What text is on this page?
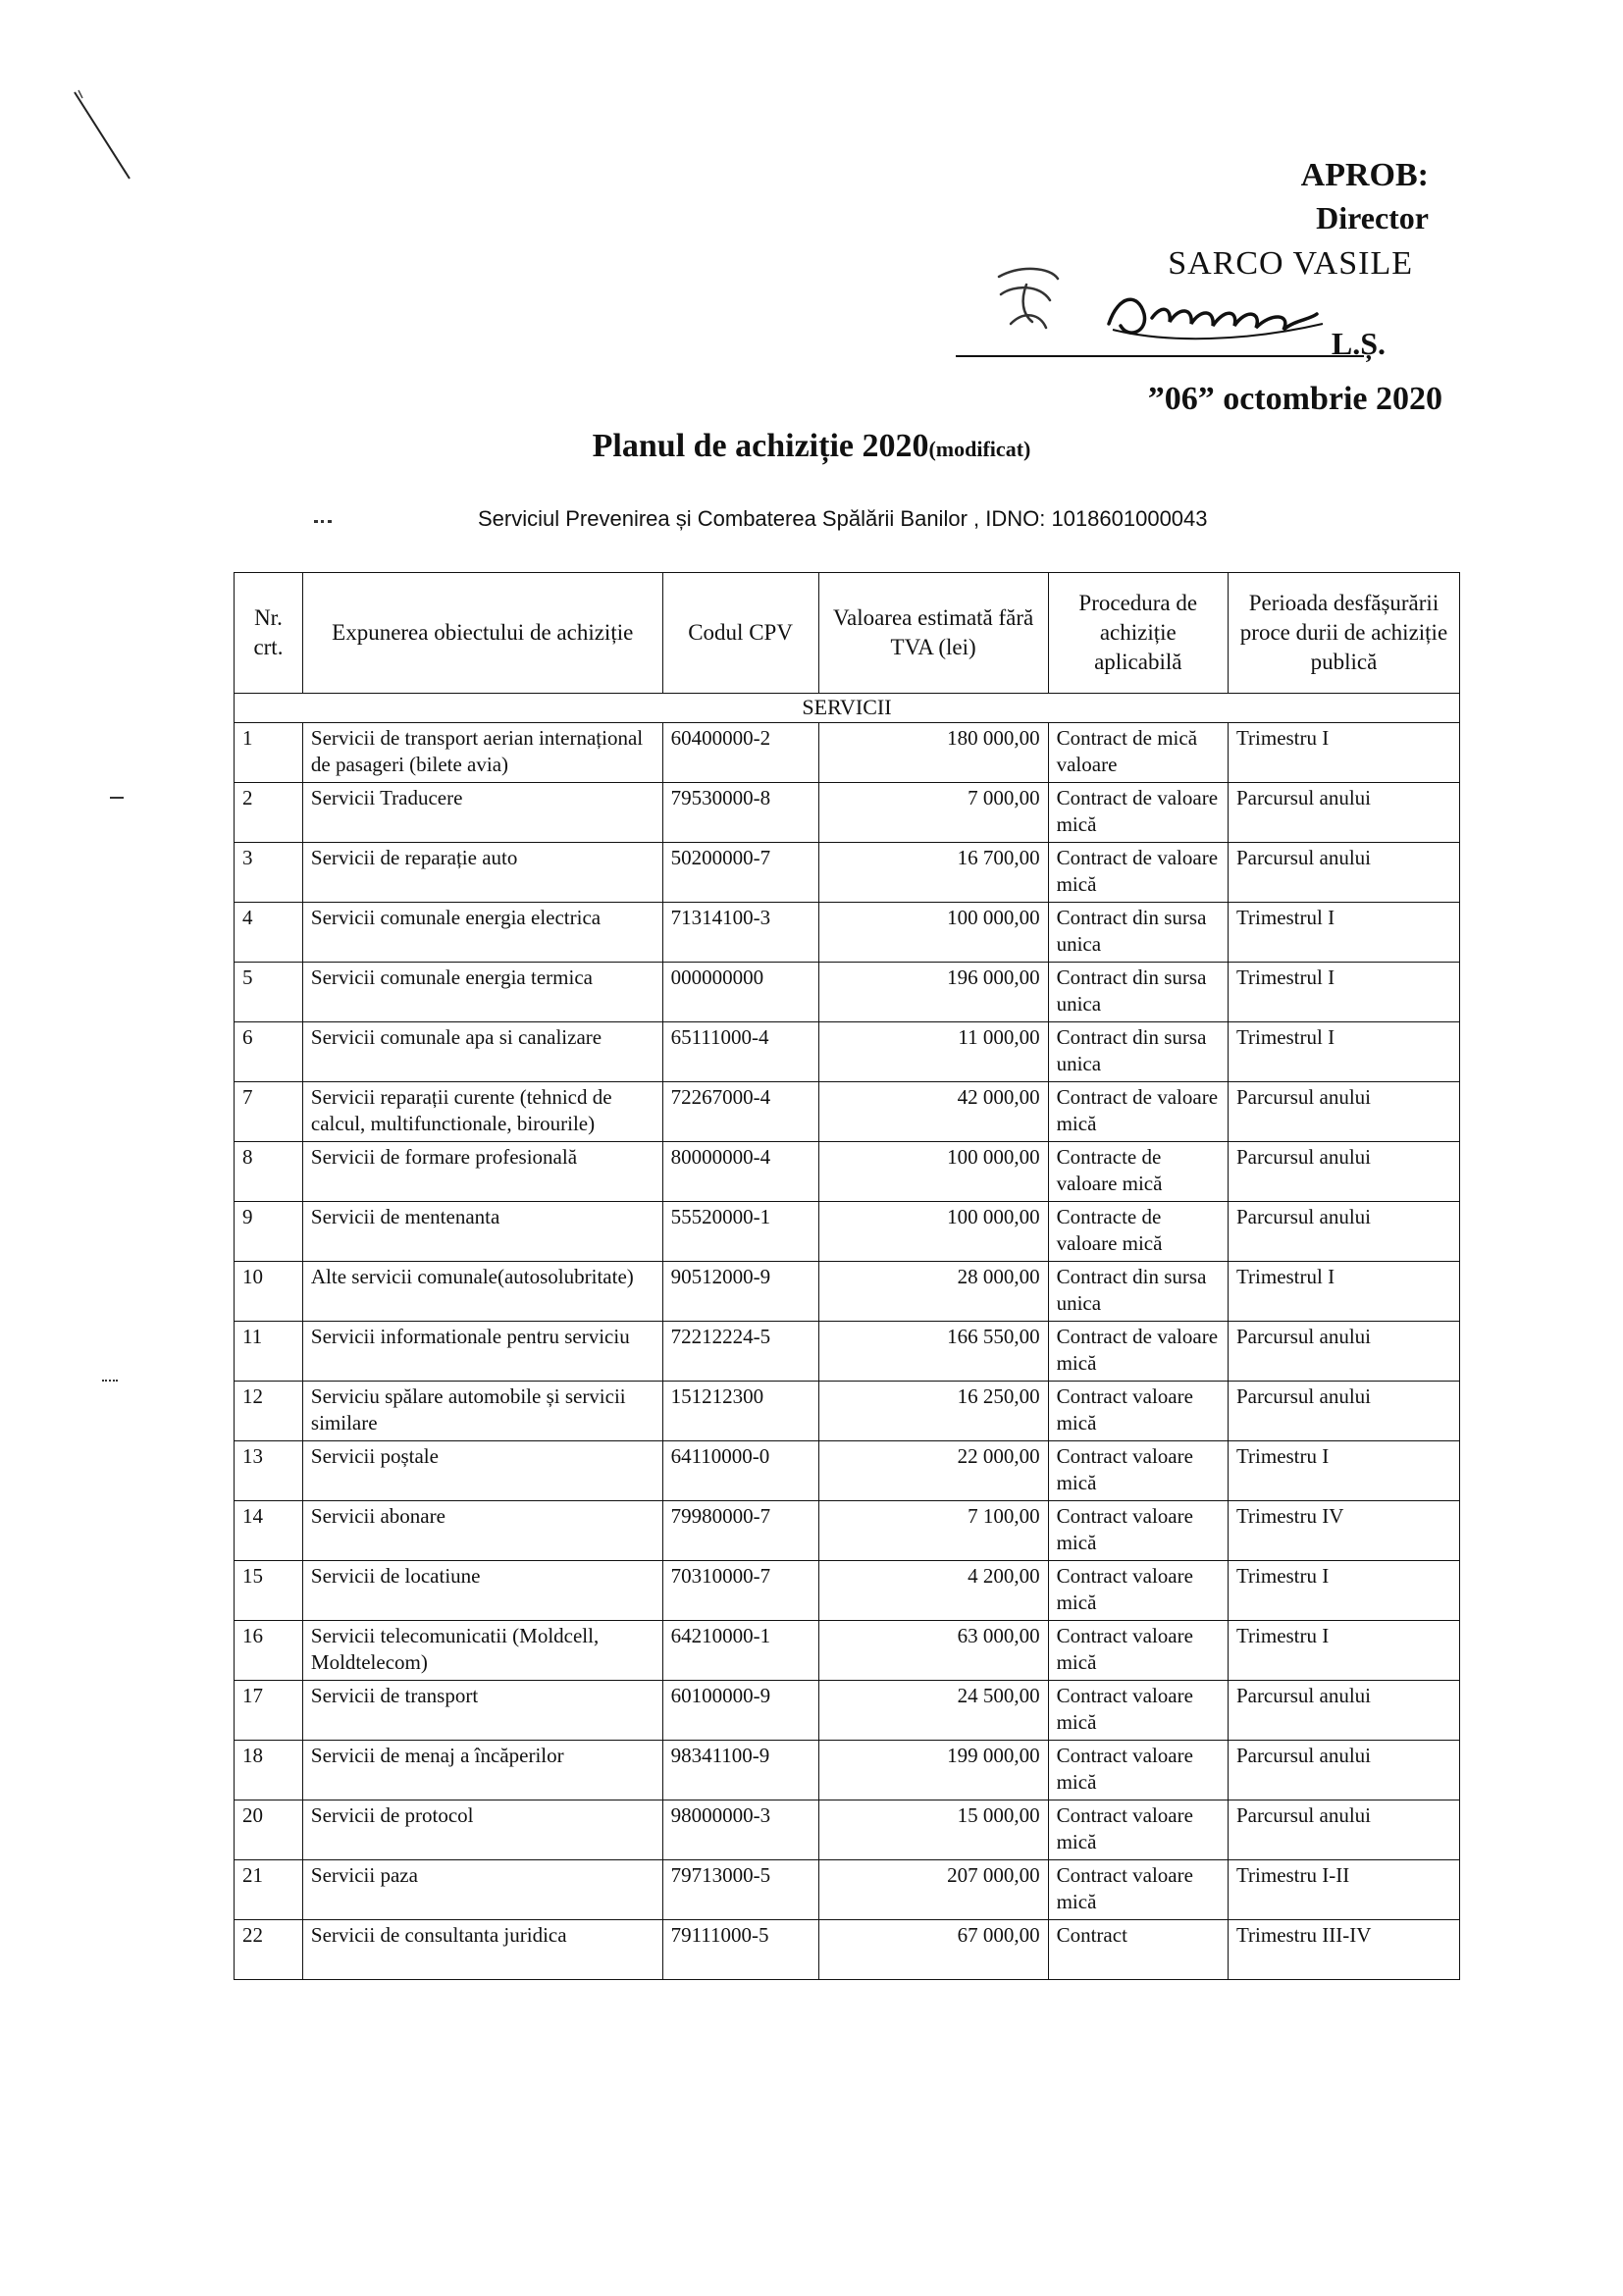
APROB:
Director
SARCO VASILE
L.Ș.
”06” octombrie 2020
Planul de achiziție 2020(modificat)
Serviciul Prevenirea și Combaterea Spălării Banilor , IDNO: 1018601000043
Nr. crt.	Expunerea obiectului de achiziție	Codul CPV	Valoarea estimată fără TVA (lei)	Procedura de achiziție aplicabilă	Perioada desfășurării proce durii de achiziție publică
SERVICII					
1	Servicii de transport aerian internațional de pasageri (bilete avia)	60400000-2	180 000,00	Contract de mică valoare	Trimestru I
2	Servicii Traducere	79530000-8	7 000,00	Contract de valoare mică	Parcursul anului
3	Servicii de reparație auto	50200000-7	16 700,00	Contract de valoare mică	Parcursul anului
4	Servicii comunale energia electrica	71314100-3	100 000,00	Contract din sursa unica	Trimestrul I
5	Servicii comunale energia termica	000000000	196 000,00	Contract din sursa unica	Trimestrul I
6	Servicii comunale apa si canalizare	65111000-4	11 000,00	Contract din sursa unica	Trimestrul I
7	Servicii reparații curente (tehnicd de calcul, multifunctionale, birourile)	72267000-4	42 000,00	Contract de valoare mică	Parcursul anului
8	Servicii de formare profesională	80000000-4	100 000,00	Contracte de valoare mică	Parcursul anului
9	Servicii de mentenanta	55520000-1	100 000,00	Contracte de valoare mică	Parcursul anului
10	Alte servicii comunale(autosolubritate)	90512000-9	28 000,00	Contract din sursa unica	Trimestrul I
11	Servicii informationale pentru serviciu	72212224-5	166 550,00	Contract de valoare mică	Parcursul anului
12	Serviciu spălare automobile și servicii similare	151212300	16 250,00	Contract valoare mică	Parcursul anului
13	Servicii poștale	64110000-0	22 000,00	Contract valoare mică	Trimestru I
14	Servicii abonare	79980000-7	7 100,00	Contract valoare mică	Trimestru IV
15	Servicii de locatiune	70310000-7	4 200,00	Contract valoare mică	Trimestru I
16	Servicii telecomunicatii (Moldcell, Moldtelecom)	64210000-1	63 000,00	Contract valoare mică	Trimestru I
17	Servicii de transport	60100000-9	24 500,00	Contract valoare mică	Parcursul anului
18	Servicii de menaj a încăperilor	98341100-9	199 000,00	Contract valoare mică	Parcursul anului
20	Servicii de protocol	98000000-3	15 000,00	Contract valoare mică	Parcursul anului
21	Servicii paza	79713000-5	207 000,00	Contract valoare mică	Trimestru I-II
22	Servicii de consultanta juridica	79111000-5	67 000,00	Contract	Trimestru III-IV
